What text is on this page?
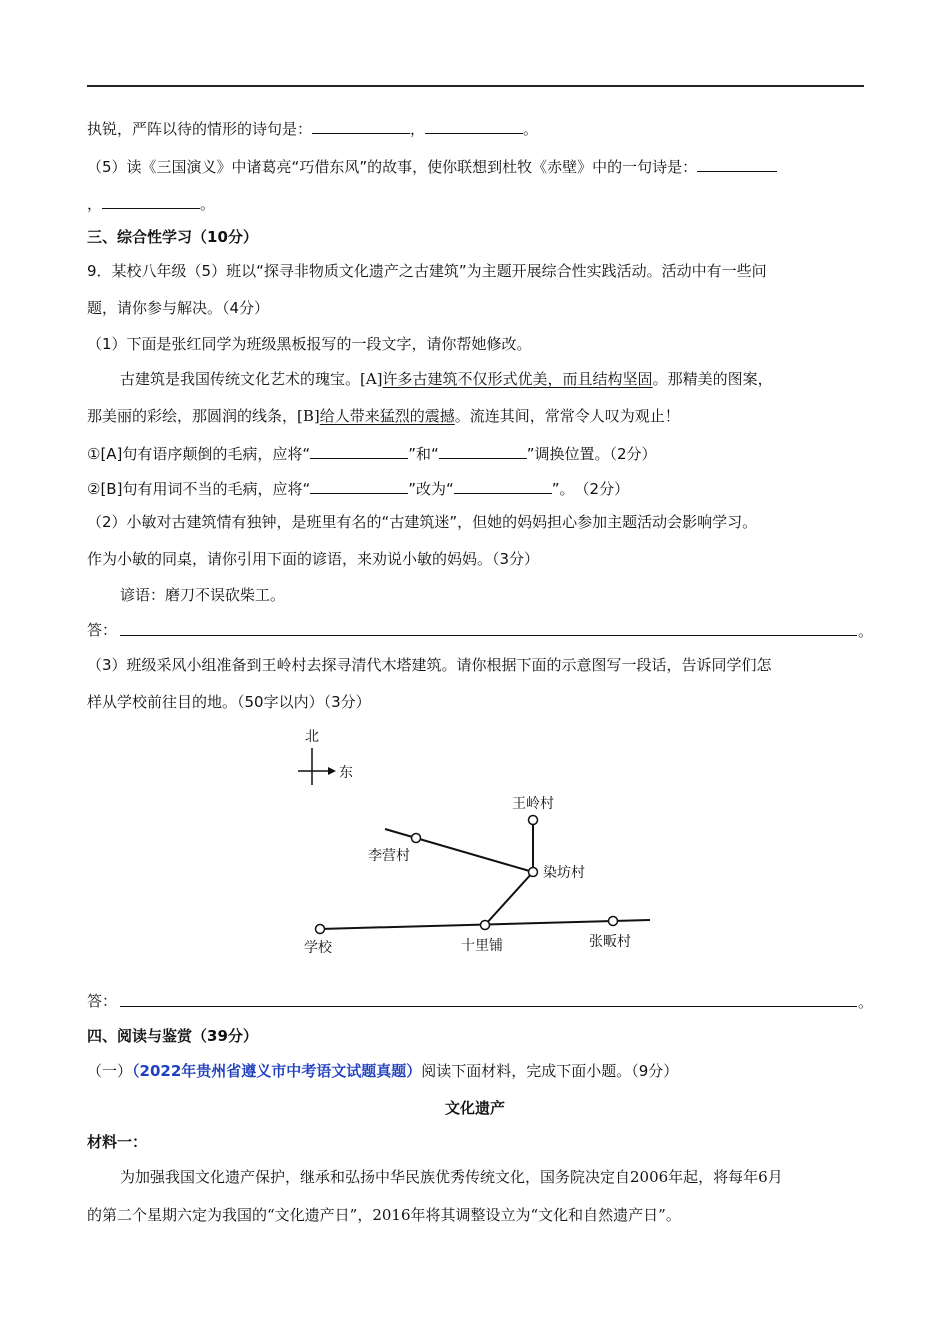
执锐，严阵以待的情形的诗句是：	，	。
（5）读《三国演义》中诸葛亮“巧借东风”的故事，使你联想到杜牧《赤壁》中的一句诗是：
，	。
三、综合性学习（10分）
9．某校八年级（5）班以“探寻非物质文化遗产之古建筑”为主题开展综合性实践活动。活动中有一些问
题，请你参与解决。（4分）
（1）下面是张红同学为班级黑板报写的一段文字，请你帮她修改。
古建筑是我国传统文化艺术的瑰宝。[A]许多古建筑不仅形式优美，而且结构坚固。那精美的图案，
那美丽的彩绘，那圆润的线条，[B]给人带来猛烈的震撼。流连其间，常常令人叹为观止！
①[A]句有语序颠倒的毛病，应将“	”和“	”调换位置。（2分）
②[B]句有用词不当的毛病，应将“	”改为“	”。　（2分）
（2）小敏对古建筑情有独钟，是班里有名的“古建筑迷”，但她的妈妈担心参加主题活动会影响学习。
作为小敏的同桌，请你引用下面的谚语，来劝说小敏的妈妈。（3分）
谚语：磨刀不误砍柴工。
答：	。
（3）班级采风小组准备到王岭村去探寻清代木塔建筑。请你根据下面的示意图写一段话，告诉同学们怎
样从学校前往目的地。（50字以内）（3分）
北
东
王岭村
李营村
染坊村
学校	十里铺	张畈村
答：	。
四、阅读与鉴赏（39分）
（一）（2022年贵州省遵义市中考语文试题真题）阅读下面材料，完成下面小题。（9分）
文化遗产
材料一：
为加强我国文化遗产保护，继承和弘扬中华民族优秀传统文化，国务院决定自2006年起，将每年6月
的第二个星期六定为我国的“文化遗产日”，2016年将其调整设立为“文化和自然遗产日”。
